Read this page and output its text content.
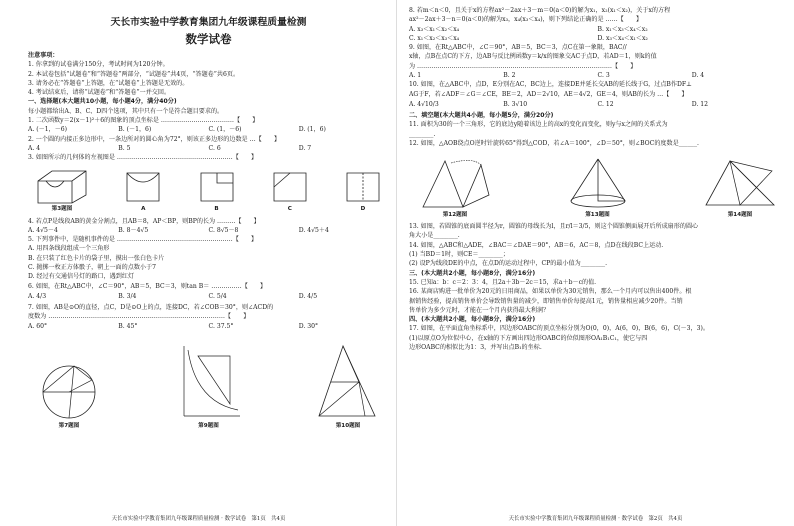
天长市实验中学教育集团九年级课程质量检测
数学试卷
注意事项：
1. 你拿到的试卷满分150分，考试时间为120分钟。
2. 本试卷包括“试题卷”和“答题卷”两部分，“试题卷”共4页，“答题卷”共6页。
3. 请务必在“答题卷”上答题，在“试题卷”上答题是无效的。
4. 考试结束后，请将“试题卷”和“答题卷”一并交回。
一、选择题(本大题共10小题，每小题4分，满分40分)
每小题都给出A、B、C、D四个选项，其中只有一个是符合题目要求的。
1. 二次函数y＝2(x－1)²＋6的图象的顶点坐标是 ………………………………【　　】
A. (－1，－6)	B. (－1，6)	C. (1，－6)	D. (1，6)
2. 一个圆的内接正多边形中，一条边所对的圆心角为72°，则该正多边形的边数是 …【　　】
A. 4	B. 5	C. 6	D. 7
3. 如图所示的几何体的左视图是 …………………………………………………【　　】
第3题图	A	B	C	D
4. 若点P是线段AB的黄金分割点，且AB＝8，AP＜BP，则BP的长为 ………【　　】
A. 4√5－4	B. 8－4√5	C. 8√5－8	D. 4√5＋4
5. 下列事件中，是随机事件的是 …………………………………………………【　　】
A. 用四条线段组成一个三角形
B. 在只装了红色卡片的袋子里，摸出一张白色卡片
C. 抛掷一枚正方体骰子，朝上一面的点数小于7
D. 经过有交通信号灯的路口，遇到红灯
6. 如图，在Rt△ABC中，∠C＝90°，AB＝5，BC＝3，则tan B＝ ……………【　　】
A. 4/3	B. 3/4	C. 5/4	D. 4/5
7. 如图，AB是⊙O的直径，点C，D是⊙O上的点，连接DC，若∠COB＝30°，则∠ACD的
度数为 ……………………………………………………………………………【　　】
A. 60°	B. 45°	C. 37.5°	D. 30°
第7题图	第9题图	第10题图
天长市实验中学教育集团九年级课程质量检测 · 数学试卷　第1页　共4页
8. 若m＜n＜0，且关于x的方程ax²－2ax＋3－m＝0(a＜0)的解为x₁，x₂(x₁＜x₂)，关于x的方程
ax²－2ax＋3－n＝0(a＜0)的解为x₃，x₄(x₃＜x₄)，则下列结论正确的是 ……【　　】
A. x₃＜x₁＜x₂＜x₄	B. x₁＜x₃＜x₄＜x₂
C. x₁＜x₂＜x₃＜x₄	D. x₃＜x₄＜x₁＜x₂
9. 如图，在Rt△ABC中，∠C＝90°，AB＝5，BC＝3，点C在第一象限，BAC//
x轴，点B在点C的下方，边AB与反比例函数y＝k/x的图象交AC于点D，若AD＝1，则k的值
为 ……………………………………………………………………………………【　　】
A. 1	B. 2	C. 3	D. 4
10. 如图，在△ABC中，点D，E分别在AC，BC边上，连接DE并延长交AB的延长线于G，过点B作DF⊥
AG于F，若∠ADF＝∠G＝∠CE，BE＝2，AD＝2√10，AE＝4√2，GE＝4，则AB的长为 …【　　】
A. 4√10/3	B. 3√10	C. 12	D. 12
二、填空题(本大题共4小题，每小题5分，满分20分)
11. 面积为30的一个三角形，它的底边y随着该边上的高x的变化而变化，则y与x之间的关系式为
________.
12. 如图，△AOB绕点O逆时针旋转65°得到△COD，若∠A＝100°，∠D＝50°，则∠BOC的度数是______.
第12题图	第13题图	第14题图
13. 如图，若圆锥的底面圆半径为r，圆锥的母线长为l，且r/l＝3/5，则这个圆锥侧面展开后所成扇形的圆心
角大小是________.
14. 如图，△ABC和△ADE，∠BAC＝∠DAE＝90°，AB＝6，AC＝8，点D在线段BC上运动.
(1) 当BD＝1时，则CE＝________；
(2) 设P为线段DE的中点，在点D的运动过程中，CP的最小值为________.
三、(本大题共2小题，每小题8分，满分16分)
15. 已知a：b：c＝2：3：4，且2a＋3b－2c＝15，求a＋b－c的值.
16. 某商店购进一批单价为20元的日用商品，如果以单价为30元销售，那么一个月内可以售出400件。根
据销售经验，提高销售单价会导致销售量的减少，即销售单价每提高1元，销售量相应减少20件。当销
售单价为多少元时，才能在一个月内获得最大利润？
四、(本大题共2小题，每小题8分，满分16分)
17. 如图，在平面直角坐标系中，四边形OABC的顶点坐标分别为O(0，0)，A(6，0)，B(6，6)，C(－3，3)。
(1)以原点O为位似中心，在x轴的下方画出四边形OABC的位似图形OA₁B₁C₁，使它与四
边形OABC的相似比为1：3，并写出点B₁的坐标.
天长市实验中学教育集团九年级课程质量检测 · 数学试卷　第2页　共4页
